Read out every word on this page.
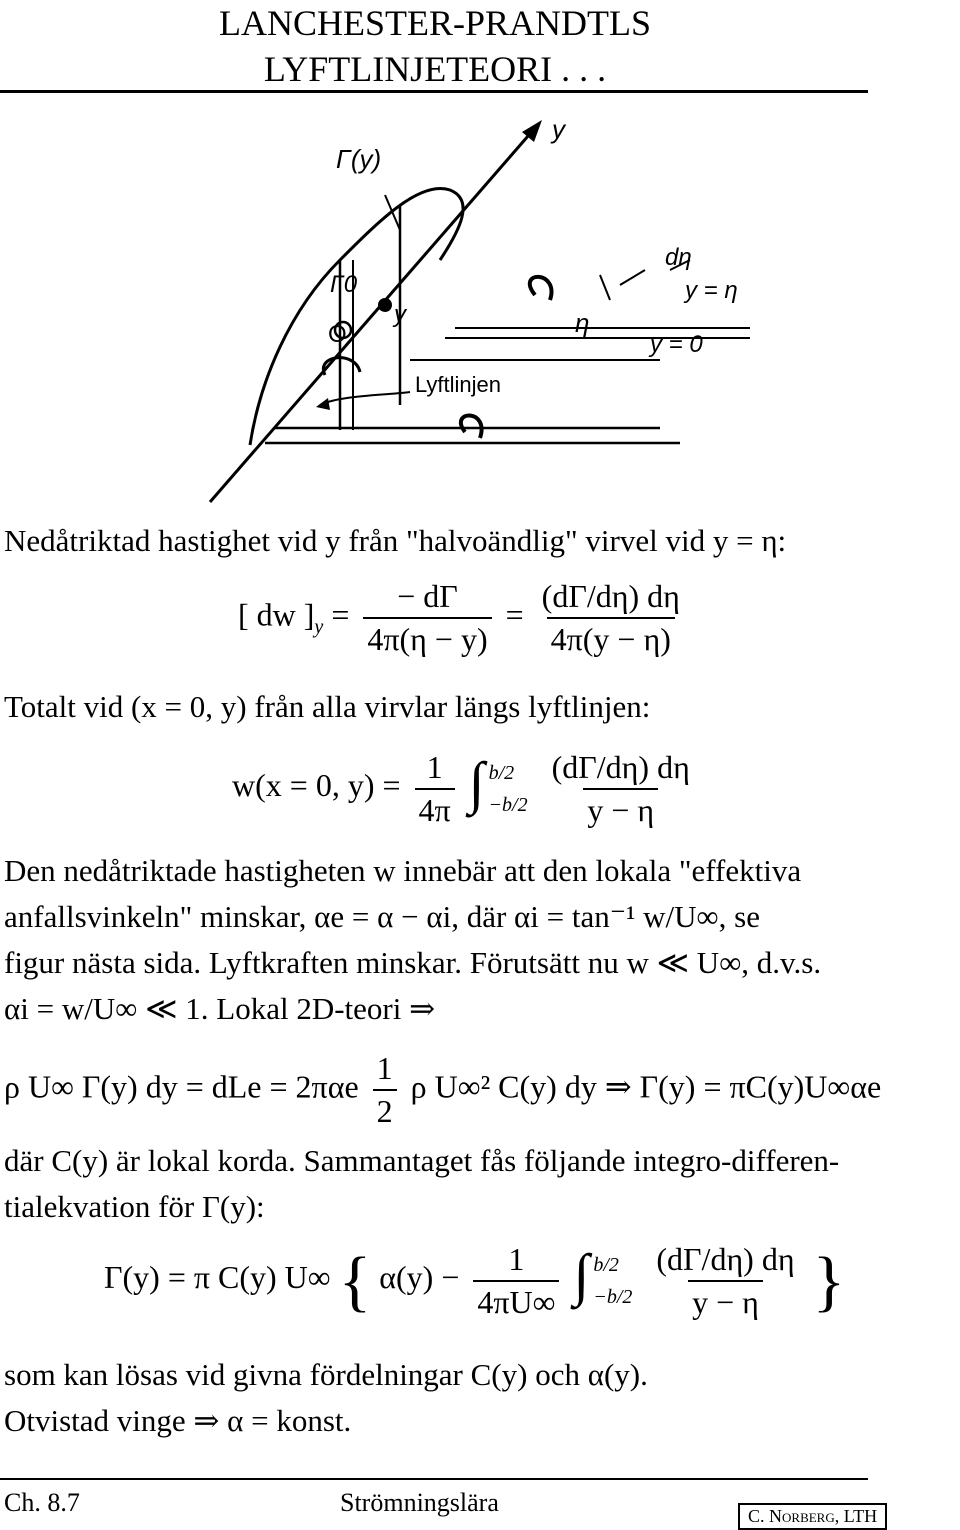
LANCHESTER-PRANDTLS
LYFTLINJETEORI . . .
Γ(y)
y
Γ0
O
y	η
dη
y = η
y = 0
Lyftlinjen
Nedåtriktad hastighet vid y från "halvoändlig" virvel vid y = η:
[ dw ]$_y = \frac{- d\Gamma}{4\pi(\eta - y)} = \frac{(d\Gamma/d\eta) d\eta}{4\pi(y - \eta)}$
Totalt vid (x = 0, y) från alla virvlar längs lyftlinjen:
w(x = 0, $y) = \frac{1}{4\pi}$ ∫ b/2
−b/2
$\frac{(d\Gamma/d\eta) d\eta}{y - \eta}$
Den nedåtriktade hastigheten w innebär att den lokala "effektiva
anfallsvinkeln" minskar, αe = α − αi, där αi = tan⁻¹ w/U∞, se
figur nästa sida. Lyftkraften minskar. Förutsätt nu w ≪ U∞, d.v.s.
αi = w/U∞ ≪ 1. Lokal 2D-teori ⇒
ρ U∞ Γ(y) dy = dLe = $2\pi\alpha e \frac{1}{2}$ ρ U∞² C(y) dy ⇒ Γ(y) = πC(y)U∞αe
där C(y) är lokal korda. Sammantaget fås följande integro-differen-
tialekvation för Γ(y):
Γ(y) = π C(y) U∞ { $\alpha(y) - \frac{1}{4\pi U\infty}$ ∫ b/2
−b/2
$\frac{(d\Gamma/d\eta) d\eta}{y - \eta}$ }
som kan lösas vid givna fördelningar C(y) och α(y).
Otvistad vinge ⇒ α = konst.
Ch. 8.7	Strömningslära	C. Norberg, LTH
